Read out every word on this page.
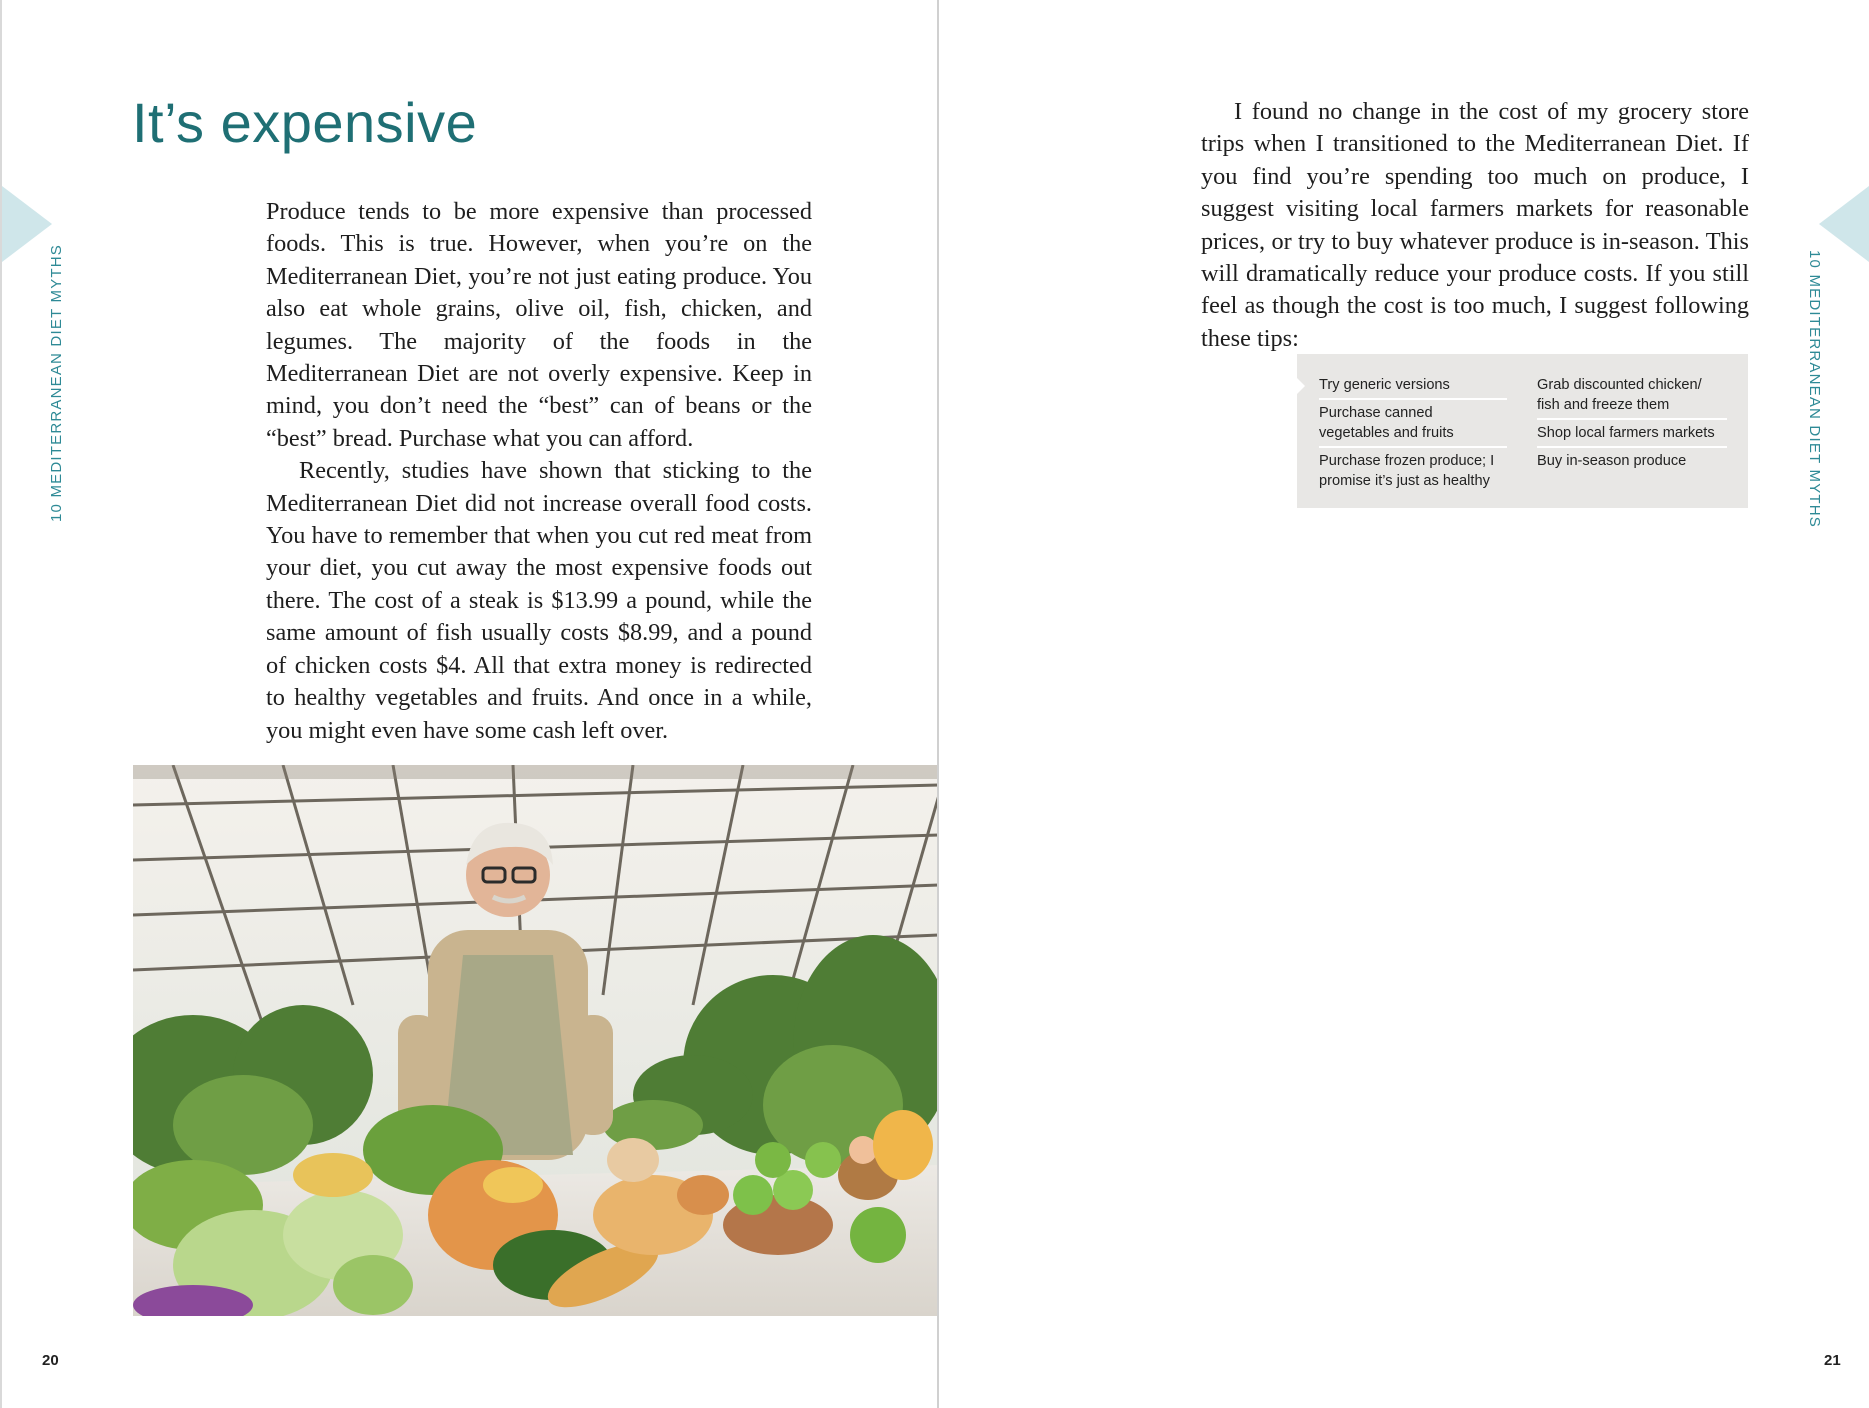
10 MEDITERRANEAN DIET MYTHS
It’s expensive

Produce tends to be more expensive than processed foods. This is true. However, when you’re on the Mediterranean Diet, you’re not just eating produce. You also eat whole grains, olive oil, fish, chicken, and legumes. The majority of the foods in the Mediterranean Diet are not overly expensive. Keep in mind, you don’t need the “best” can of beans or the “best” bread. Purchase what you can afford.

Recently, studies have shown that sticking to the Mediterranean Diet did not increase overall food costs. You have to remember that when you cut red meat from your diet, you cut away the most expensive foods out there. The cost of a steak is $13.99 a pound, while the same amount of fish usually costs $8.99, and a pound of chicken costs $4. All that extra money is redirected to healthy vegetables and fruits. And once in a while, you might even have some cash left over.

20

I found no change in the cost of my grocery store trips when I transitioned to the Mediterranean Diet. If you find you’re spending too much on produce, I suggest visiting local farmers markets for reasonable prices, or try to buy whatever produce is in-season. This will dramatically reduce your produce costs. If you still feel as though the cost is too much, I suggest following these tips:

Try generic versions
Purchase canned vegetables and fruits
Purchase frozen produce; I promise it’s just as healthy
Grab discounted chicken/ fish and freeze them
Shop local farmers markets
Buy in-season produce	10 MEDITERRANEAN DIET MYTHS
21
